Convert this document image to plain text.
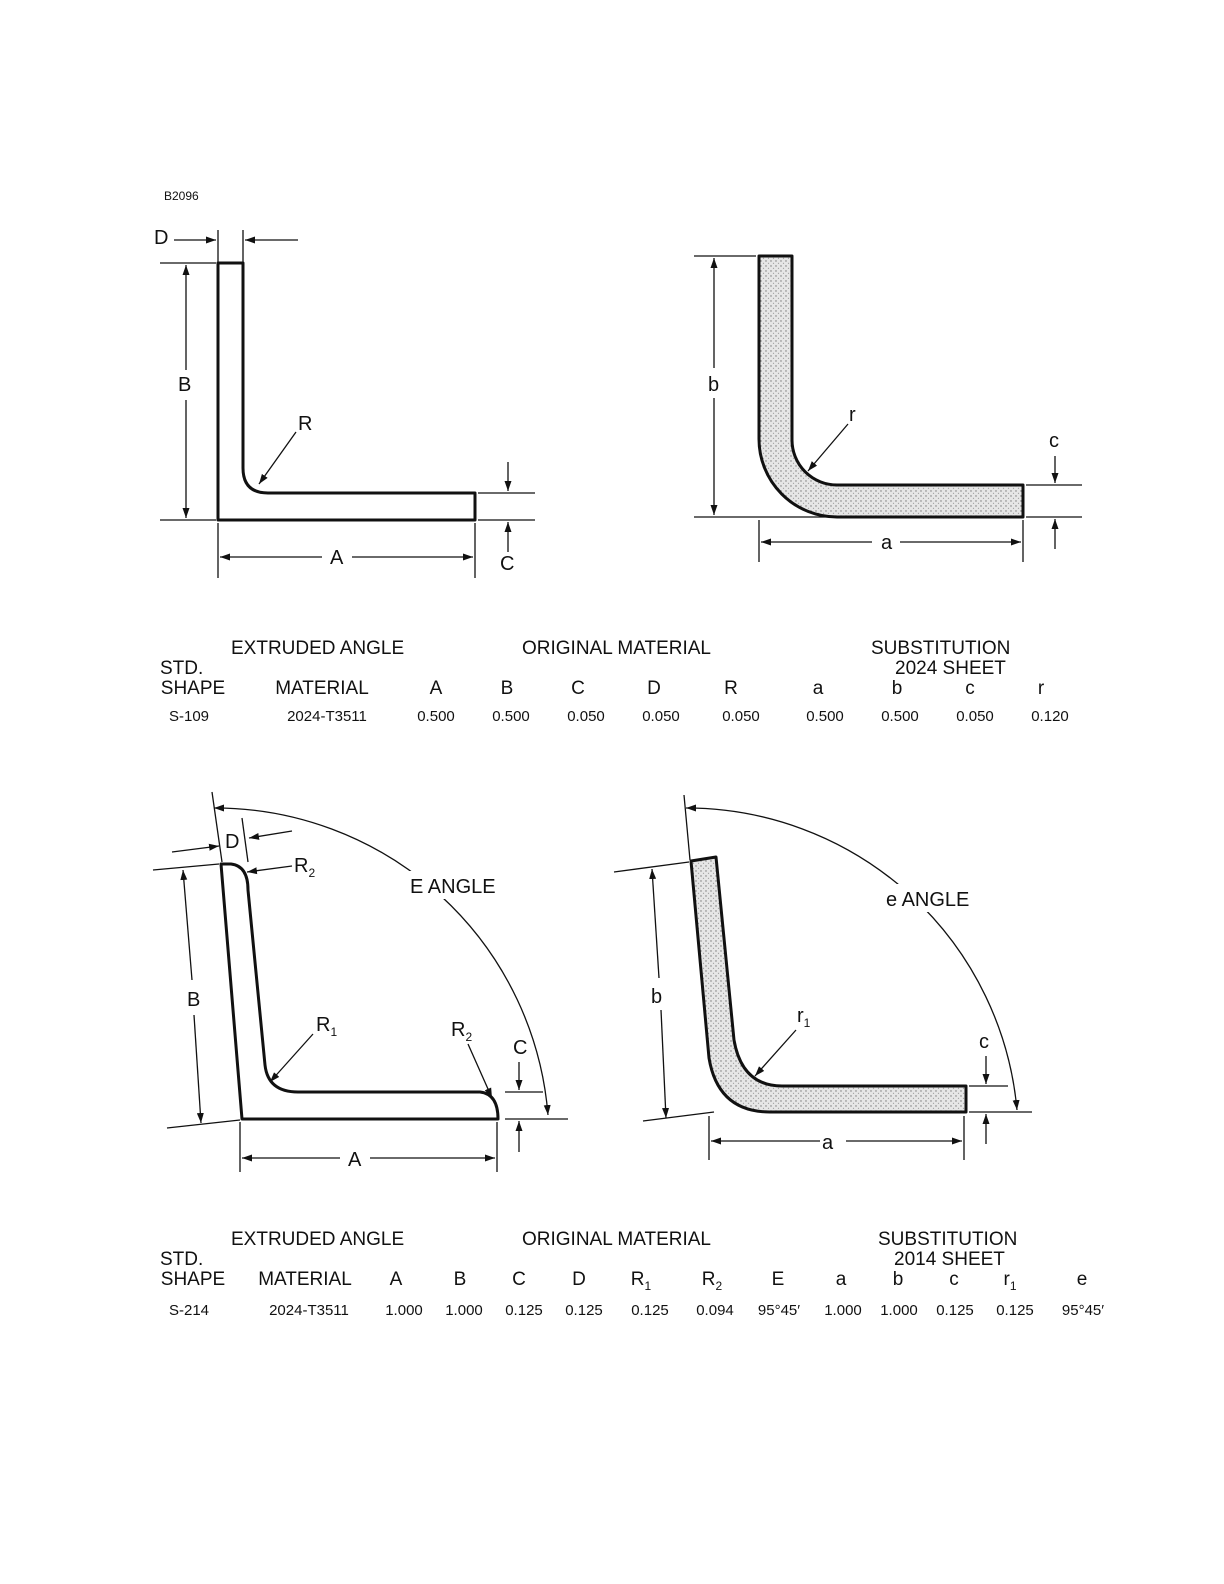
B2096
D
B
R
A	C
b
r
c
a
EXTRUDED ANGLE	ORIGINAL MATERIAL	SUBSTITUTION
2024 SHEET
STD.
SHAPE	MATERIAL	A	B	C	D	R	a	b	c	r
S-109	2024-T3511	0.500 0.500 0.050 0.050	0.050	0.500 0.500 0.050 0.120
D
$R_2$
E ANGLE
B
$R_1$	$R_2$ C
A
e ANGLE
b
$r_1$
c
a
EXTRUDED ANGLE	ORIGINAL MATERIAL	SUBSTITUTION
2014 SHEET
STD.
SHAPE MATERIAL A	B C D $R_1$	$R_2$	E	a b c $r_1$	e
S-214	2024-T3511 1.000 1.000 0.125 0.125 0.125 0.094 95°45′ 1.000 1.000 0.125 0.125 95°45′
